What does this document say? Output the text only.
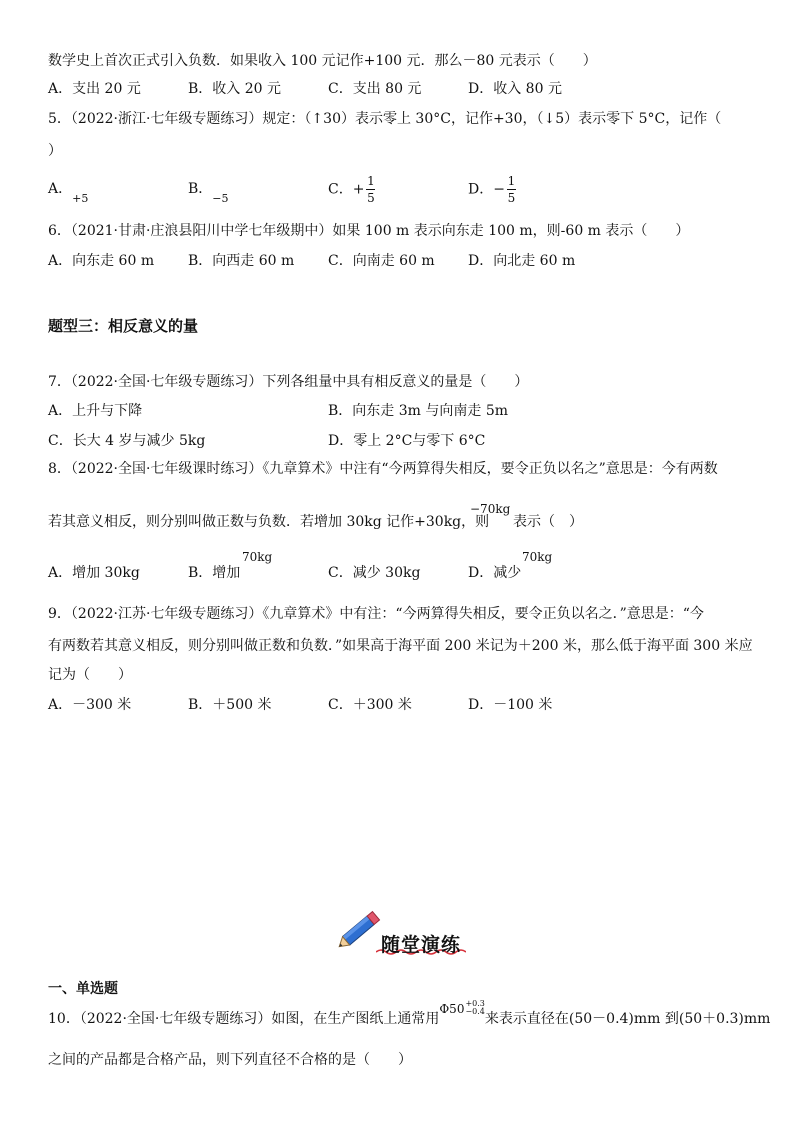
数学史上首次正式引入负数．如果收入 100 元记作+100 元．那么－80 元表示（　　）
A．支出 20 元	B．收入 20 元	C．支出 80 元	D．收入 80 元
5．（2022·浙江·七年级专题练习）规定：（↑30）表示零上 30°C，记作+30，（↓5）表示零下 5°C，记作（
）
A．$_{+5}$
B．$_{-5}$
C．+ $\frac{1}{5}$	D．− $\frac{1}{5}$
6．（2021·甘肃·庄浪县阳川中学七年级期中）如果 100 m 表示向东走 100 m，则-60 m 表示（　　）
A．向东走 60 m B．向西走 60 m C．向南走 60 m D．向北走 60 m
题型三：相反意义的量
7．（2022·全国·七年级专题练习）下列各组量中具有相反意义的量是（　　）
A．上升与下降	B．向东走 3m 与向南走 5m
C．长大 4 岁与减少 5kg	D．零上 2°C与零下 6°C
8．（2022·全国·七年级课时练习）《九章算术》中注有“今两算得失相反，要令正负以名之”意思是：今有两数
若其意义相反，则分别叫做正数与负数．若增加 30kg 记作+30kg，则
−70kg
表示（　）
A．增加 30kg	B．增加
70kg
C．减少 30kg	D．减少
70kg
9．（2022·江苏·七年级专题练习）《九章算术》中有注：“今两算得失相反，要令正负以名之．”意思是：“今
有两数若其意义相反，则分别叫做正数和负数．”如果高于海平面 200 米记为＋200 米，那么低于海平面 300 米应
记为（　　）
A．－300 米	B．＋500 米	C．＋300 米	D．－100 米
随堂演练
一、单选题
10．（2022·全国·七年级专题练习）如图，在生产图纸上通常用Φ50 +0.3
−0.4 来表示直径在(50－0.4)mm 到(50＋0.3)mm
之间的产品都是合格产品，则下列直径不合格的是（　　）
